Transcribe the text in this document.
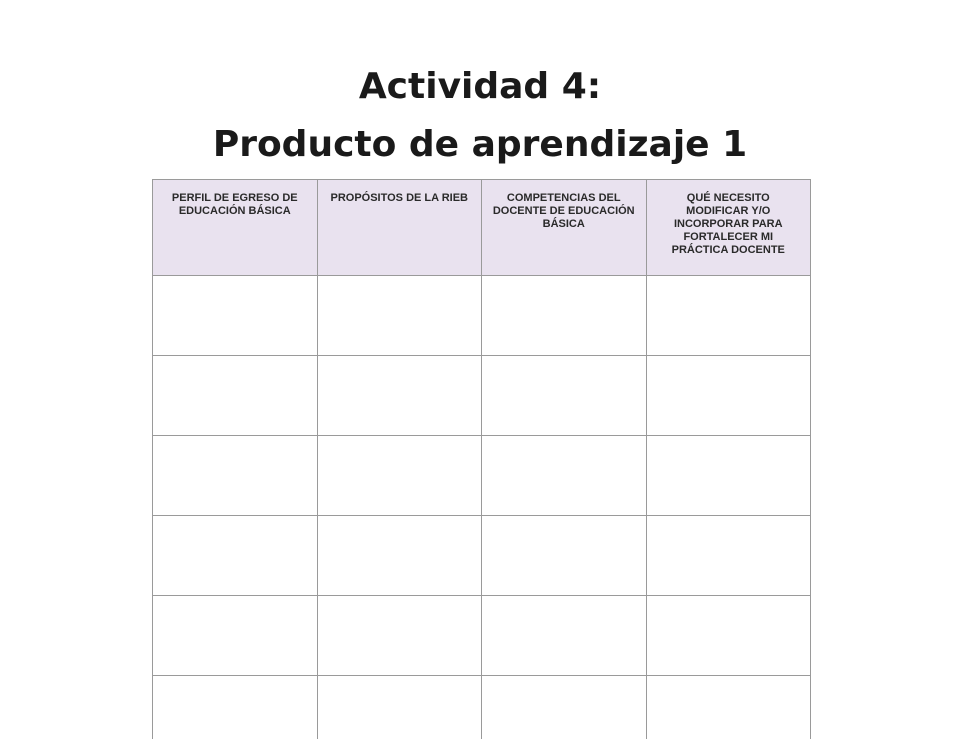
Actividad 4:
Producto de aprendizaje 1
PERFIL DE EGRESO DE EDUCACIÓN BÁSICA	PROPÓSITOS DE LA RIEB	COMPETENCIAS DEL DOCENTE DE EDUCACIÓN BÁSICA	QUÉ NECESITO MODIFICAR Y/O INCORPORAR PARA FORTALECER MI PRÁCTICA DOCENTE
